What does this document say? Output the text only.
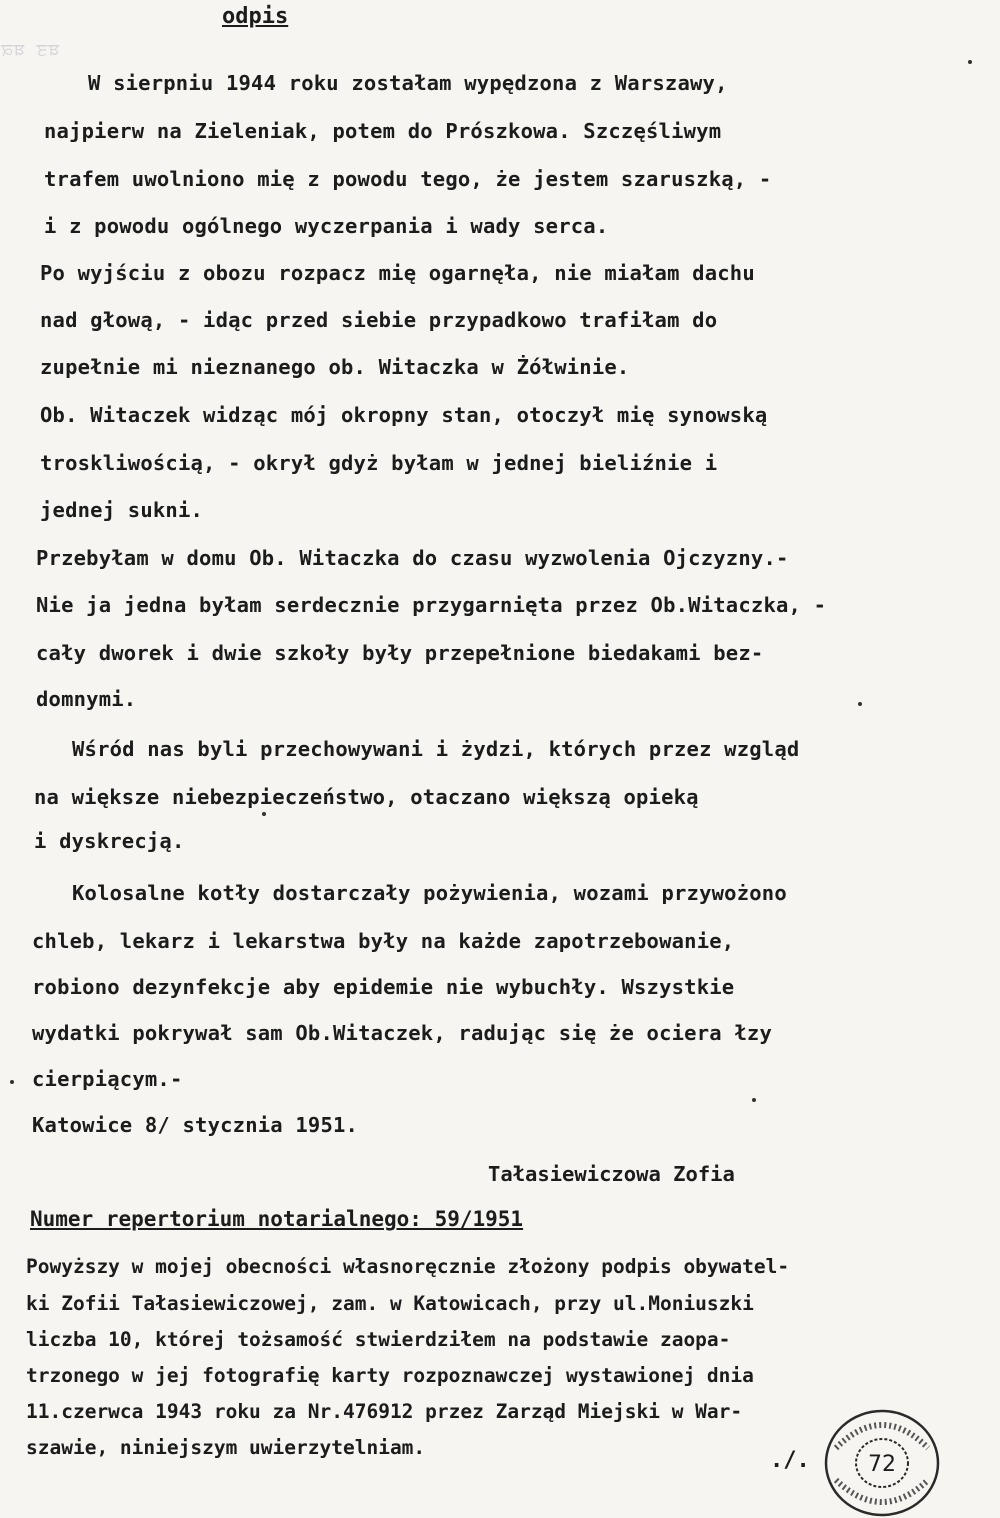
ਬਤ ਬਕ
odpis
W sierpniu 1944 roku zostałam wypędzona z Warszawy,
najpierw na Zieleniak, potem do Prószkowa. Szczęśliwym
trafem uwolniono mię z powodu tego, że jestem szaruszką, -
i z powodu ogólnego wyczerpania i wady serca.
Po wyjściu z obozu rozpacz mię ogarnęła, nie miałam dachu
nad głową, - idąc przed siebie przypadkowo trafiłam do
zupełnie mi nieznanego ob. Witaczka w Żółwinie.
Ob. Witaczek widząc mój okropny stan, otoczył mię synowską
troskliwością, - okrył gdyż byłam w jednej bieliźnie i
jednej sukni.
Przebyłam w domu Ob. Witaczka do czasu wyzwolenia Ojczyzny.-
Nie ja jedna byłam serdecznie przygarnięta przez Ob.Witaczka, -
cały dworek i dwie szkoły były przepełnione biedakami bez-
domnymi.
Wśród nas byli przechowywani i żydzi, których przez wzgląd
na większe niebezpieczeństwo, otaczano większą opieką
i dyskrecją.
Kolosalne kotły dostarczały pożywienia, wozami przywożono
chleb, lekarz i lekarstwa były na każde zapotrzebowanie,
robiono dezynfekcje aby epidemie nie wybuchły. Wszystkie
wydatki pokrywał sam Ob.Witaczek, radując się że ociera łzy
cierpiącym.-
Katowice 8/ stycznia 1951.
Tałasiewiczowa Zofia
Numer repertorium notarialnego: 59/1951
Powyższy w mojej obecności własnoręcznie złożony podpis obywatel-
ki Zofii Tałasiewiczowej, zam. w Katowicach, przy ul.Moniuszki
liczba 10, której tożsamość stwierdziłem na podstawie zaopa-
trzonego w jej fotografię karty rozpoznawczej wystawionej dnia
11.czerwca 1943 roku za Nr.476912 przez Zarząd Miejski w War-
szawie, niniejszym uwierzytelniam.
./.	72
